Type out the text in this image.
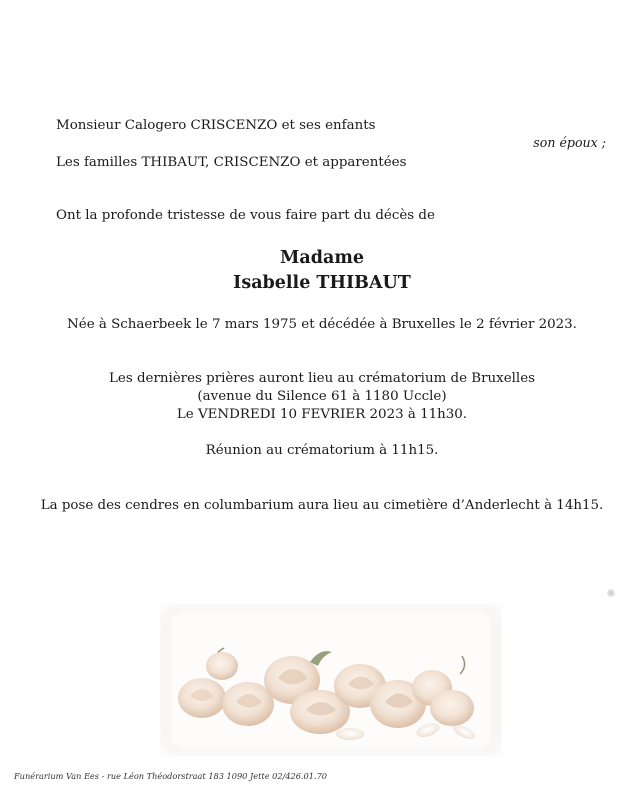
Monsieur Calogero CRISCENZO et ses enfants
son époux ;
Les familles THIBAUT, CRISCENZO et apparentées
Ont la profonde tristesse de vous faire part du décès de
Madame
Isabelle THIBAUT
Née à Schaerbeek le 7 mars 1975 et décédée à Bruxelles le 2 février 2023.
Les dernières prières auront lieu au crématorium de Bruxelles
(avenue du Silence 61 à 1180 Uccle)
Le VENDREDI 10 FEVRIER 2023 à 11h30.
Réunion au crématorium à 11h15.
La pose des cendres en columbarium aura lieu au cimetière d’Anderlecht à 14h15.
Funérarium Van Ees - rue Léon Théodorstraat 183 1090 Jette 02/426.01.70
